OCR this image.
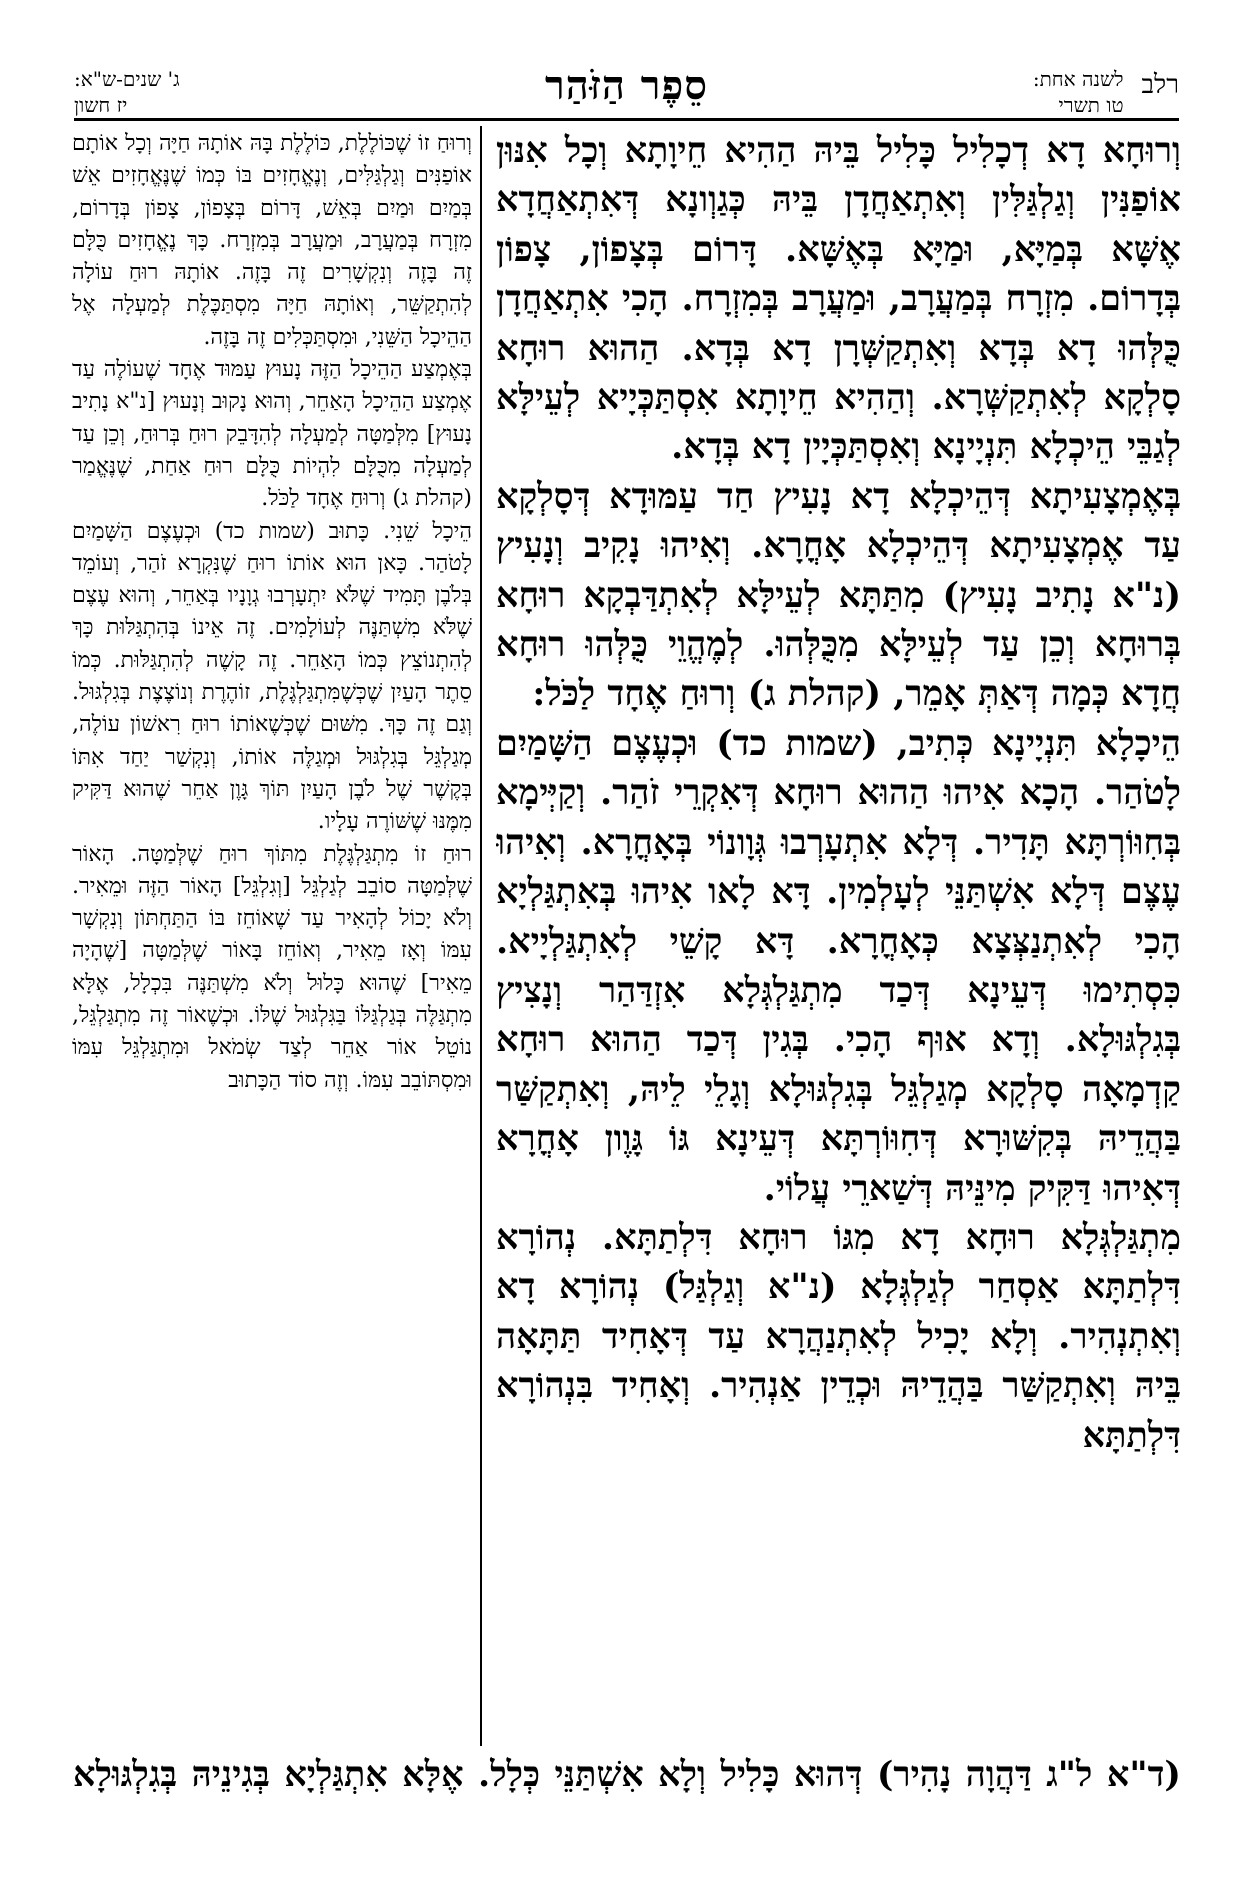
רלב
לשנה אחת:
טו תשרי
סֵפֶר הַזֹּהַר
ג' שנים-ש"א:
יז חשון

וְרוּחָא דָא דְכָלִיל כָּלִיל בֵּיהּ הַהִיא חֵיוָתָא וְכָל אִנּוּן אוֹפַנִּין וְגַלְגַּלִּין וְאִתְאַחֲדָן בֵּיהּ כְּגַוְונָא דְּאִתְאַחֲדָא אֶשָּׁא בְּמַיָּא, וּמַיָּא בְּאֶשָּׁא. דָּרוֹם בְּצָפוֹן, צָפוֹן בְּדָרוֹם. מִזְרָח בְּמַעֲרָב, וּמַעֲרָב בְּמִזְרָח. הָכִי אִתְאַחֲדָן כֻּלְּהוּ דָא בְּדָא וְאִתְקַשְּׁרָן דָא בְּדָא. הַהוּא רוּחָא סָלְקָא לְאִתְקַשְּׁרָא. וְהַהִיא חֵיוָתָא אִסְתַּכְּיָיא לְעֵילָּא לְגַבֵּי הֵיכְלָא תִּנְיָינָא וְאִסְתַּכְּיָין דָא בְּדָא.

בְּאֶמְצָעִיתָא דְּהֵיכְלָא דָא נָעִיץ חַד עַמּוּדָא דְּסָלְקָא עַד אֶמְצָעִיתָא דְּהֵיכְלָא אָחֳרָא. וְאִיהוּ נָקִיב וְנָעִיץ (נ"א נָתִיב נָעִיץ) מִתַּתָּא לְעֵילָּא לְאִתְדַּבְקָא רוּחָא בְּרוּחָא וְכֵן עַד לְעֵילָּא מִכֻּלְּהוּ. לְמֶהֱוֵי כֻּלְּהוּ רוּחָא חֲדָא כְּמָה דְּאַתְּ אָמֵר, (קהלת ג) וְרוּחַ אֶחָד לַכֹּל:

הֵיכָלָא תִּנְיָינָא כְּתִיב, (שמות כד) וּכְעֶצֶם הַשָּׁמַיִם לָטֹהַר. הָכָא אִיהוּ הַהוּא רוּחָא דְּאִקְרֵי זֹהַר. וְקַיְּימָא בְּחִוּוֹרְתָּא תָּדִיר. דְּלָא אִתְעָרְבוּ גְּוָונוֹי בְּאָחֳרָא. וְאִיהוּ עֶצֶם דְּלָא אִשְׁתַּנֵּי לְעָלְמִין. דָּא לָאו אִיהוּ בְּאִתְגַּלְיָא הָכִי לְאִתְנַצְּצָא כְּאָחֳרָא. דָּא קָשֵׁי לְאִתְגַּלְיָיא. כִּסְתִימוּ דְּעֵינָא דְּכַד מִתְגַּלְגְּלָא אִזְדַּהַר וְנָצִיץ בְּגִלְגּוּלָא. וְדָא אוּף הָכִי. בְּגִין דְּכַד הַהוּא רוּחָא קַדְמָאָה סָלְקָא מְגַלְגֵּל בְּגִלְגּוּלָא וְגָלֵי לֵיהּ, וְאִתְקַשַּׁר בַּהֲדֵיהּ בְּקִשּׁוּרָא דְּחִוּוֹרְתָּא דְּעֵינָא גּוֹ גָּוֶון אָחֳרָא דְּאִיהוּ דַּקִּיק מִינֵּיהּ דְּשַׁארֵי עֲלוֹי.

מִתְגַּלְגְּלָא רוּחָא דָא מִגּוֹ רוּחָא דִּלְתַתָּא. נְהוֹרָא דִּלְתַתָּא אַסְחַר לְגַלְגְּלָא (נ"א וְגַלְגַּל) נְהוֹרָא דָא וְאִתְנְהִיר. וְלָא יָכִיל לְאִתְנַהֲרָא עַד דְּאָחִיד תַּתָּאָה בֵּיהּ וְאִתְקַשַּׁר בַּהֲדֵיהּ וּכְדֵין אַנְהִיר. וְאָחִיד בִּנְהוֹרָא דִּלְתַתָּא

וְרוּחַ זוֹ שֶׁכּוֹלֶלֶת, כּוֹלֶלֶת בָּהּ אוֹתָהּ חַיָּה וְכָל אוֹתָם אוֹפַנִּים וְגַלְגַּלִּים, וְנֶאֱחָזִים בּוֹ כְּמוֹ שֶׁנֶּאֱחָזִים אֵשׁ בְּמַיִם וּמַיִם בְּאֵשׁ, דָּרוֹם בְּצָפוֹן, צָפוֹן בְּדָרוֹם, מִזְרָח בְּמַעֲרָב, וּמַעֲרָב בְּמִזְרָח. כָּךְ נֶאֱחָזִים כֻּלָּם זֶה בָּזֶה וְנִקְשָׁרִים זֶה בָּזֶה. אוֹתָהּ רוּחַ עוֹלָה לְהִתְקַשֵּׁר, וְאוֹתָהּ חַיָּה מִסְתַּכֶּלֶת לְמַעְלָה אֶל הַהֵיכָל הַשֵּׁנִי, וּמִסְתַּכְּלִים זֶה בָּזֶה.

בְּאֶמְצַע הַהֵיכָל הַזֶּה נָעוּץ עַמּוּד אֶחָד שֶׁעוֹלֶה עַד אֶמְצַע הַהֵיכָל הָאַחֵר, וְהוּא נָקוּב וְנָעוּץ [נ"א נָתִיב נָעוּץ] מִלְּמַטָּה לְמַעְלָה לְהִדָּבֵק רוּחַ בְּרוּחַ, וְכֵן עַד לְמַעְלָה מִכֻּלָּם לִהְיוֹת כֻּלָּם רוּחַ אַחַת, שֶׁנֶּאֱמַר (קהלת ג) וְרוּחַ אֶחָד לַכֹּל.

הֵיכָל שֵׁנִי. כָּתוּב (שמות כד) וּכְעֶצֶם הַשָּׁמַיִם לָטֹהַר. כָּאן הוּא אוֹתוֹ רוּחַ שֶׁנִּקְרָא זֹהַר, וְעוֹמֵד בְּלֹבֶן תָּמִיד שֶׁלֹּא יִתְעָרְבוּ גְוָנָיו בְּאַחֵר, וְהוּא עֶצֶם שֶׁלֹּא מִשְׁתַּנֶּה לְעוֹלָמִים. זֶה אֵינוֹ בְּהִתְגַּלּוּת כָּךְ לְהִתְנוֹצֵץ כְּמוֹ הָאַחֵר. זֶה קָשֶׁה לְהִתְגַּלּוּת. כְּמוֹ סֵתֶר הָעַיִן שֶׁכְּשֶׁמִּתְגַּלְגֶּלֶת, זוֹהֶרֶת וְנוֹצֶצֶת בְּגִלְגּוּל. וְגַם זֶה כָּךְ. מִשּׁוּם שֶׁכְּשֶׁאוֹתוֹ רוּחַ רִאשׁוֹן עוֹלֶה, מְגַלְגֵּל בְּגִלְגּוּל וּמְגַלֶּה אוֹתוֹ, וְנִקְשַׁר יַחַד אִתּוֹ בְּקֶשֶׁר שֶׁל לֹבֶן הָעַיִן תּוֹךְ גָּוֶן אַחֵר שֶׁהוּא דַּקִּיק מִמֶּנּוּ שֶׁשּׁוֹרֶה עָלָיו.

רוּחַ זוֹ מִתְגַּלְגֶּלֶת מִתּוֹךְ רוּחַ שֶׁלְּמַטָּה. הָאוֹר שֶׁלְּמַטָּה סוֹבֵב לְגַלְגֵּל [וְגִלְגֵּל] הָאוֹר הַזֶּה וּמֵאִיר. וְלֹא יָכוֹל לְהָאִיר עַד שֶׁאוֹחֵז בּוֹ הַתַּחְתּוֹן וְנִקְשָׁר עִמּוֹ וְאָז מֵאִיר, וְאוֹחֵז בָּאוֹר שֶׁלְּמַטָּה [שֶׁהָיָה מֵאִיר] שֶׁהוּא כָּלוּל וְלֹא מִשְׁתַּנֶּה בִּכְלָל, אֶלָּא מִתְגַּלֶּה בְּגַלְגַּלּוֹ בַּגִּלְגּוּל שֶׁלּוֹ. וּכְשֶׁאוֹר זֶה מִתְגַּלְגֵּל, נוֹטֵל אוֹר אַחֵר לְצַד שְׂמֹאל וּמִתְגַּלְגֵּל עִמּוֹ וּמִסְתּוֹבֵב עִמּוֹ. וְזֶה סוֹד הַכָּתוּב

(ד"א ל"ג דַּהֲוָה נָהִיר) דְּהוּא כָּלִיל וְלָא אִשְׁתַּנֵּי כְּלָל. אֶלָּא אִתְגַּלְיָא בְּגִינֵיהּ בְּגִלְגּוּלָא
